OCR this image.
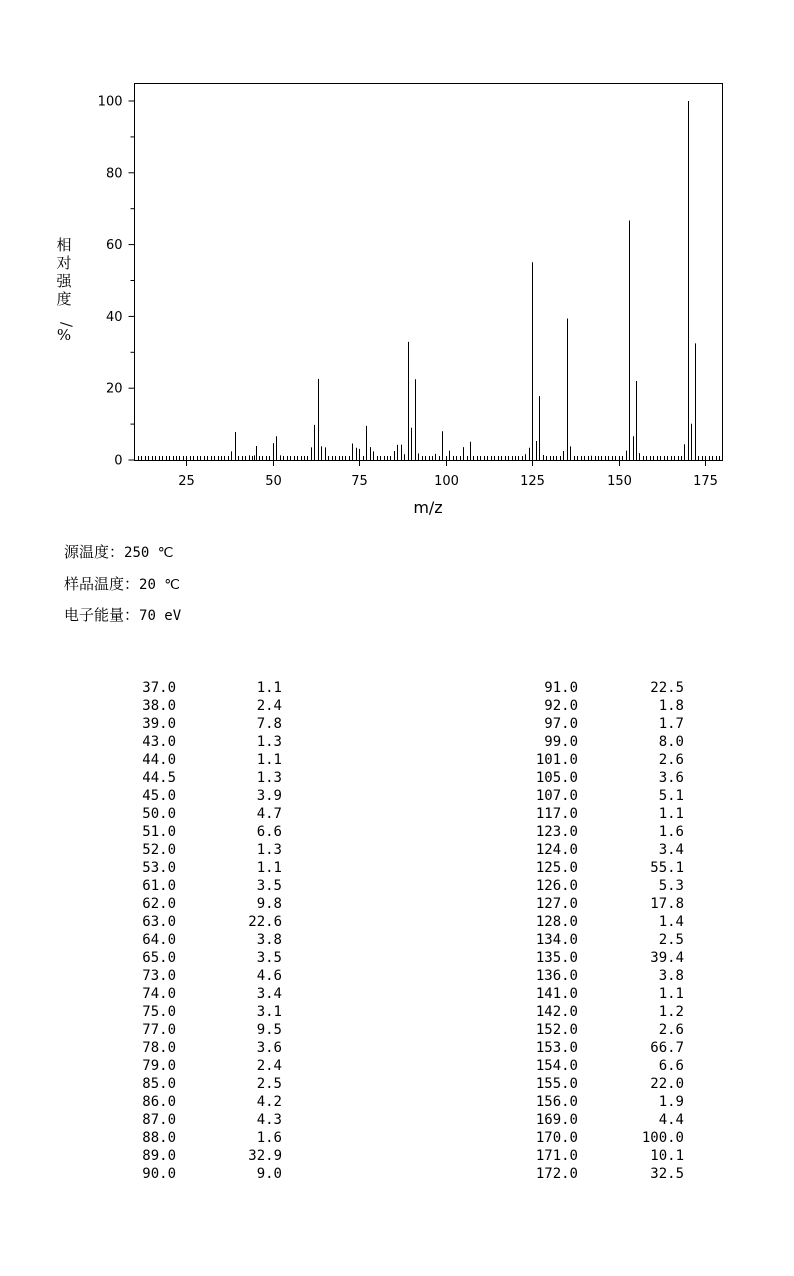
0
20
40
60
80
100
25	50	75	100	125	150	175
m/z
相对强度/ %
源温度：250 ℃
样品温度：20 ℃
电子能量：70 eV
37.0	1.1
38.0	2.4
39.0	7.8
43.0	1.3
44.0	1.1
44.5	1.3
45.0	3.9
50.0	4.7
51.0	6.6
52.0	1.3
53.0	1.1
61.0	3.5
62.0	9.8
63.0	22.6
64.0	3.8
65.0	3.5
73.0	4.6
74.0	3.4
75.0	3.1
77.0	9.5
78.0	3.6
79.0	2.4
85.0	2.5
86.0	4.2
87.0	4.3
88.0	1.6
89.0	32.9
90.0	9.0
91.0	22.5
92.0	1.8
97.0	1.7
99.0	8.0
101.0	2.6
105.0	3.6
107.0	5.1
117.0	1.1
123.0	1.6
124.0	3.4
125.0	55.1
126.0	5.3
127.0	17.8
128.0	1.4
134.0	2.5
135.0	39.4
136.0	3.8
141.0	1.1
142.0	1.2
152.0	2.6
153.0	66.7
154.0	6.6
155.0	22.0
156.0	1.9
169.0	4.4
170.0	100.0
171.0	10.1
172.0	32.5
